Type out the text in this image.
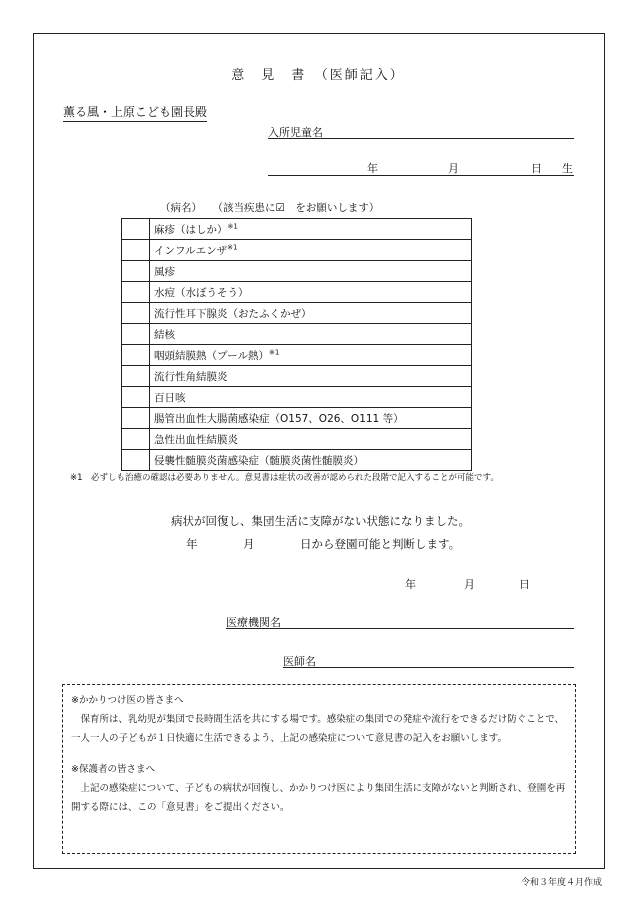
意　見　書　（医師記入）
薫る風・上原こども園長殿
入所児童名
年	月	日 生
（病名）　　（該当疾患に☑　をお願いします）
	麻疹（はしか）$^{※1}$
	インフルエンザ$^{※1}$
	風疹
	水痘（水ぼうそう）
	流行性耳下腺炎（おたふくかぜ）
	結核
	咽頭結膜熱（プール熱）$^{※1}$
	流行性角結膜炎
	百日咳
	腸管出血性大腸菌感染症（O157、O26、O111 等）
	急性出血性結膜炎
	侵襲性髄膜炎菌感染症（髄膜炎菌性髄膜炎）
※1　必ずしも治癒の確認は必要ありません。意見書は症状の改善が認められた段階で記入することが可能です。
病状が回復し、集団生活に支障がない状態になりました。
年	月	日から登園可能と判断します。
年	月	日
医療機関名
医師名
※かかりつけ医の皆さまへ
保育所は、乳幼児が集団で長時間生活を共にする場です。感染症の集団での発症や流行をできるだけ防ぐことで、一人一人の子どもが１日快適に生活できるよう、上記の感染症について意見書の記入をお願いします。
※保護者の皆さまへ
上記の感染症について、子どもの病状が回復し、かかりつけ医により集団生活に支障がないと判断され、登園を再開する際には、この「意見書」をご提出ください。
令和３年度４月作成
